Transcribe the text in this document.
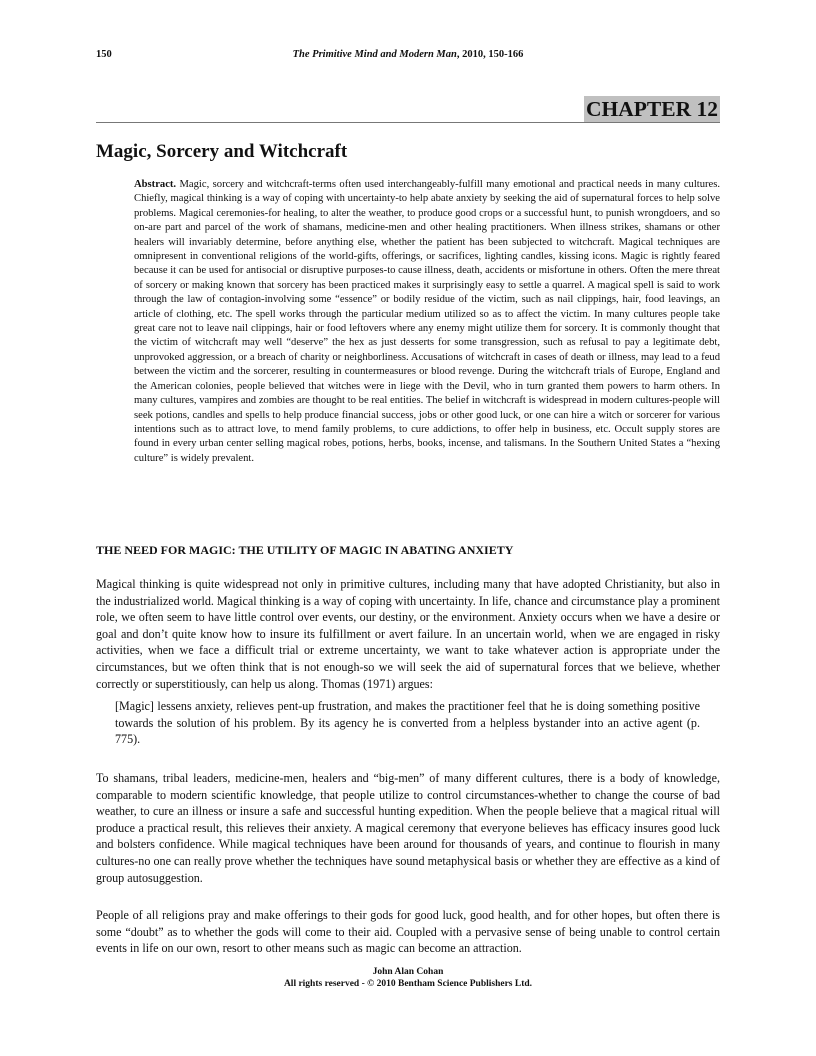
150	The Primitive Mind and Modern Man, 2010, 150-166
CHAPTER 12
Magic, Sorcery and Witchcraft
Abstract. Magic, sorcery and witchcraft-terms often used interchangeably-fulfill many emotional and practical needs in many cultures. Chiefly, magical thinking is a way of coping with uncertainty-to help abate anxiety by seeking the aid of supernatural forces to help solve problems. Magical ceremonies-for healing, to alter the weather, to produce good crops or a successful hunt, to punish wrongdoers, and so on-are part and parcel of the work of shamans, medicine-men and other healing practitioners. When illness strikes, shamans or other healers will invariably determine, before anything else, whether the patient has been subjected to witchcraft. Magical techniques are omnipresent in conventional religions of the world-gifts, offerings, or sacrifices, lighting candles, kissing icons. Magic is rightly feared because it can be used for antisocial or disruptive purposes-to cause illness, death, accidents or misfortune in others. Often the mere threat of sorcery or making known that sorcery has been practiced makes it surprisingly easy to settle a quarrel. A magical spell is said to work through the law of contagion-involving some “essence” or bodily residue of the victim, such as nail clippings, hair, food leavings, an article of clothing, etc. The spell works through the particular medium utilized so as to affect the victim. In many cultures people take great care not to leave nail clippings, hair or food leftovers where any enemy might utilize them for sorcery. It is commonly thought that the victim of witchcraft may well “deserve” the hex as just desserts for some transgression, such as refusal to pay a legitimate debt, unprovoked aggression, or a breach of charity or neighborliness. Accusations of witchcraft in cases of death or illness, may lead to a feud between the victim and the sorcerer, resulting in countermeasures or blood revenge. During the witchcraft trials of Europe, England and the American colonies, people believed that witches were in liege with the Devil, who in turn granted them powers to harm others. In many cultures, vampires and zombies are thought to be real entities. The belief in witchcraft is widespread in modern cultures-people will seek potions, candles and spells to help produce financial success, jobs or other good luck, or one can hire a witch or sorcerer for various intentions such as to attract love, to mend family problems, to cure addictions, to offer help in business, etc. Occult supply stores are found in every urban center selling magical robes, potions, herbs, books, incense, and talismans. In the Southern United States a “hexing culture” is widely prevalent.
THE NEED FOR MAGIC: THE UTILITY OF MAGIC IN ABATING ANXIETY
Magical thinking is quite widespread not only in primitive cultures, including many that have adopted Christianity, but also in the industrialized world. Magical thinking is a way of coping with uncertainty. In life, chance and circumstance play a prominent role, we often seem to have little control over events, our destiny, or the environment. Anxiety occurs when we have a desire or goal and don’t quite know how to insure its fulfillment or avert failure. In an uncertain world, when we are engaged in risky activities, when we face a difficult trial or extreme uncertainty, we want to take whatever action is appropriate under the circumstances, but we often think that is not enough-so we will seek the aid of supernatural forces that we believe, whether correctly or superstitiously, can help us along. Thomas (1971) argues:
[Magic] lessens anxiety, relieves pent-up frustration, and makes the practitioner feel that he is doing something positive towards the solution of his problem. By its agency he is converted from a helpless bystander into an active agent (p. 775).
To shamans, tribal leaders, medicine-men, healers and “big-men” of many different cultures, there is a body of knowledge, comparable to modern scientific knowledge, that people utilize to control circumstances-whether to change the course of bad weather, to cure an illness or insure a safe and successful hunting expedition. When the people believe that a magical ritual will produce a practical result, this relieves their anxiety. A magical ceremony that everyone believes has efficacy insures good luck and bolsters confidence. While magical techniques have been around for thousands of years, and continue to flourish in many cultures-no one can really prove whether the techniques have sound metaphysical basis or whether they are effective as a kind of group autosuggestion.
People of all religions pray and make offerings to their gods for good luck, good health, and for other hopes, but often there is some “doubt” as to whether the gods will come to their aid. Coupled with a pervasive sense of being unable to control certain events in life on our own, resort to other means such as magic can become an attraction.
John Alan Cohan
All rights reserved - © 2010 Bentham Science Publishers Ltd.
